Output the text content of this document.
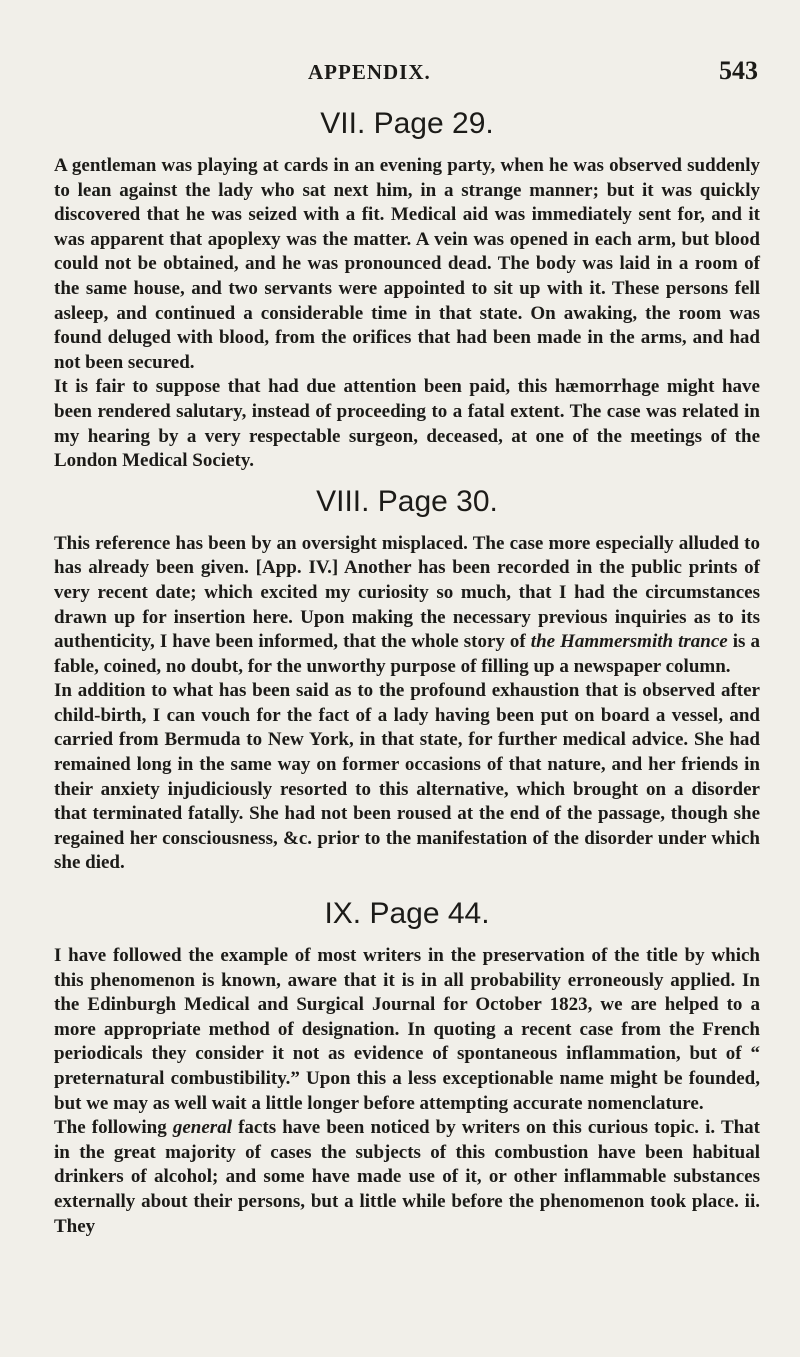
APPENDIX.	543
VII. Page 29.

A gentleman was playing at cards in an evening party, when he was observed suddenly to lean against the lady who sat next him, in a strange manner; but it was quickly discovered that he was seized with a fit. Medical aid was immediately sent for, and it was apparent that apoplexy was the matter. A vein was opened in each arm, but blood could not be obtained, and he was pronounced dead. The body was laid in a room of the same house, and two servants were appointed to sit up with it. These persons fell asleep, and continued a considerable time in that state. On awaking, the room was found deluged with blood, from the orifices that had been made in the arms, and had not been secured.

It is fair to suppose that had due attention been paid, this hæmorrhage might have been rendered salutary, instead of proceeding to a fatal extent. The case was related in my hearing by a very respectable surgeon, deceased, at one of the meetings of the London Medical Society.

VIII. Page 30.

This reference has been by an oversight misplaced. The case more especially alluded to has already been given. [App. IV.] Another has been recorded in the public prints of very recent date; which excited my curiosity so much, that I had the circumstances drawn up for insertion here. Upon making the necessary previous inquiries as to its authenticity, I have been informed, that the whole story of the Hammersmith trance is a fable, coined, no doubt, for the unworthy purpose of filling up a newspaper column.

In addition to what has been said as to the profound exhaustion that is observed after child-birth, I can vouch for the fact of a lady having been put on board a vessel, and carried from Bermuda to New York, in that state, for further medical advice. She had remained long in the same way on former occasions of that nature, and her friends in their anxiety injudiciously resorted to this alternative, which brought on a disorder that terminated fatally. She had not been roused at the end of the passage, though she regained her consciousness, &c. prior to the manifestation of the disorder under which she died.

IX. Page 44.

I have followed the example of most writers in the preservation of the title by which this phenomenon is known, aware that it is in all probability erroneously applied. In the Edinburgh Medical and Surgical Journal for October 1823, we are helped to a more appropriate method of designation. In quoting a recent case from the French periodicals they consider it not as evidence of spontaneous inflammation, but of “ preternatural combustibility.” Upon this a less exceptionable name might be founded, but we may as well wait a little longer before attempting accurate nomenclature.

The following general facts have been noticed by writers on this curious topic. i. That in the great majority of cases the subjects of this combustion have been habitual drinkers of alcohol; and some have made use of it, or other inflammable substances externally about their persons, but a little while before the phenomenon took place. ii. They
